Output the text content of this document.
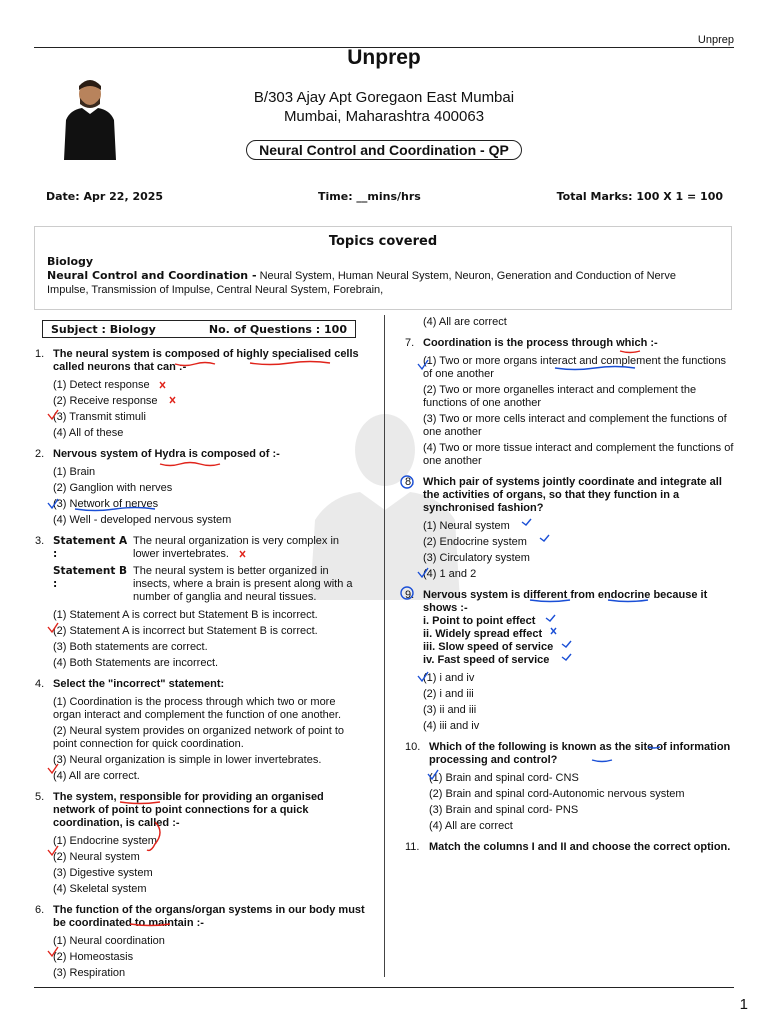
Unprep
Unprep
B/303 Ajay Apt Goregaon East Mumbai
Mumbai, Maharashtra 400063
Neural Control and Coordination - QP
Date: Apr 22, 2025	Time: __mins/hrs	Total Marks: 100 X 1 = 100
Topics covered
Biology
Neural Control and Coordination - Neural System, Human Neural System, Neuron, Generation and Conduction of Nerve Impulse, Transmission of Impulse, Central Neural System, Forebrain,
Subject : Biology	No. of Questions : 100
1. The neural system is composed of highly specialised cells called neurons that can :-
(1) Detect response
(2) Receive response
(3) Transmit stimuli
(4) All of these
2. Nervous system of Hydra is composed of :-
(1) Brain
(2) Ganglion with nerves
(3) Network of nerves
(4) Well - developed nervous system
3. Statement A :
The neural organization is very complex in lower invertebrates.
Statement B :
The neural system is better organized in insects, where a brain is present along with a number of ganglia and neural tissues.
(1) Statement A is correct but Statement B is incorrect.
(2) Statement A is incorrect but Statement B is correct.
(3) Both statements are correct.
(4) Both Statements are incorrect.
4. Select the "incorrect" statement:
(1) Coordination is the process through which two or more organ interact and complement the function of one another.
(2) Neural system provides on organized network of point to point connection for quick coordination.
(3) Neural organization is simple in lower invertebrates.
(4) All are correct.
5. The system, responsible for providing an organised network of point to point connections for a quick coordination, is called :-
(1) Endocrine system
(2) Neural system
(3) Digestive system
(4) Skeletal system
6. The function of the organs/organ systems in our body must be coordinated to maintain :-
(1) Neural coordination
(2) Homeostasis
(3) Respiration
(4) All are correct
7. Coordination is the process through which :-
(1) Two or more organs interact and complement the functions of one another
(2) Two or more organelles interact and complement the functions of one another
(3) Two or more cells interact and complement the functions of one another
(4) Two or more tissue interact and complement the functions of one another
8. Which pair of systems jointly coordinate and integrate all the activities of organs, so that they function in a synchronised fashion?
(1) Neural system
(2) Endocrine system
(3) Circulatory system
(4) 1 and 2
9. Nervous system is different from endocrine because it shows :-
i. Point to point effect
ii. Widely spread effect
iii. Slow speed of service
iv. Fast speed of service
(1) i and iv
(2) i and iii
(3) ii and iii
(4) iii and iv
10. Which of the following is known as the site of information processing and control?
(1) Brain and spinal cord- CNS
(2) Brain and spinal cord-Autonomic nervous system
(3) Brain and spinal cord- PNS
(4) All are correct
11. Match the columns I and II and choose the correct option.
1
